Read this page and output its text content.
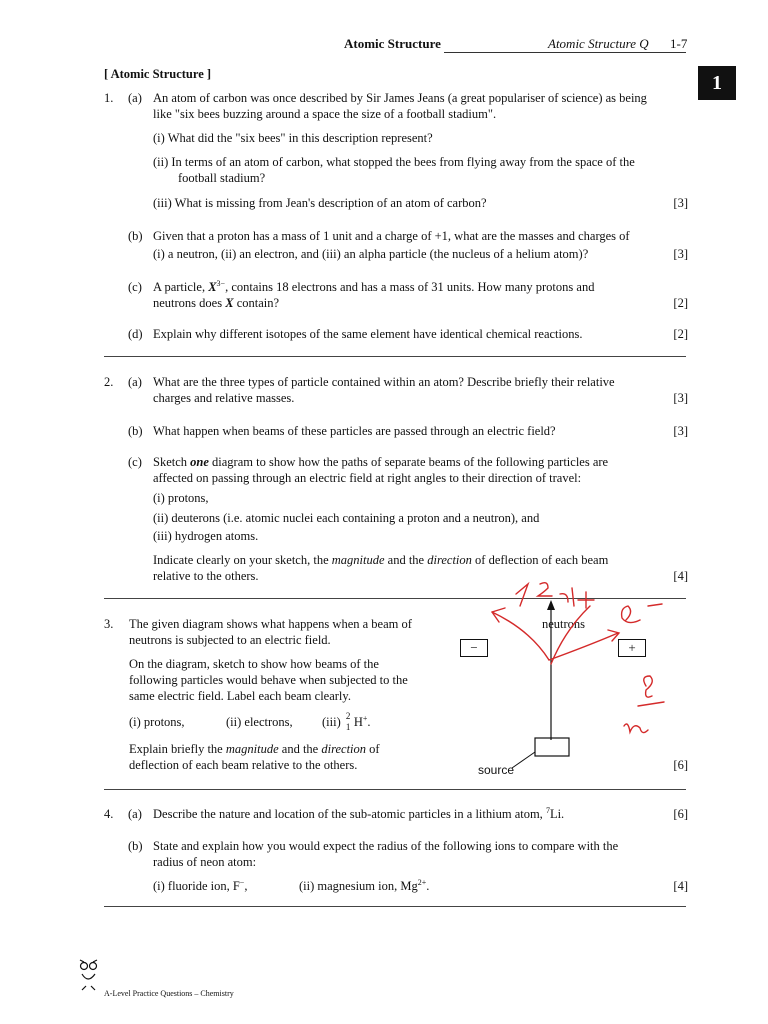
Atomic Structure	Atomic Structure Q 1-7
1
[ Atomic Structure ]
1. (a) An atom of carbon was once described by Sir James Jeans (a great populariser of science) as being
like "six bees buzzing around a space the size of a football stadium".
(i) What did the "six bees" in this description represent?
(ii) In terms of an atom of carbon, what stopped the bees from flying away from the space of the
football stadium?
(iii) What is missing from Jean's description of an atom of carbon?	[3]
(b) Given that a proton has a mass of 1 unit and a charge of +1, what are the masses and charges of
(i) a neutron, (ii) an electron, and (iii) an alpha particle (the nucleus of a helium atom)?	[3]
(c) A particle, $X^{3-}$, contains 18 electrons and has a mass of 31 units. How many protons and
neutrons does X contain?	[2]
(d) Explain why different isotopes of the same element have identical chemical reactions.	[2]
2. (a) What are the three types of particle contained within an atom? Describe briefly their relative
charges and relative masses.	[3]
(b) What happen when beams of these particles are passed through an electric field?	[3]
(c) Sketch one diagram to show how the paths of separate beams of the following particles are
affected on passing through an electric field at right angles to their direction of travel:
(i) protons,
(ii) deuterons (i.e. atomic nuclei each containing a proton and a neutron), and
(iii) hydrogen atoms.
Indicate clearly on your sketch, the magnitude and the direction of deflection of each beam
relative to the others.	[4]
3. The given diagram shows what happens when a beam of
neutrons is subjected to an electric field.
On the diagram, sketch to show how beams of the
following particles would behave when subjected to the
same electric field. Label each beam clearly.
(i) protons,	(ii) electrons, (iii) 2
1 H+.
Explain briefly the magnitude and the direction of
deflection of each beam relative to the others.	[6]
neutrons
source
−	+
4. (a) Describe the nature and location of the sub-atomic particles in a lithium atom, $^7$Li.	[6]
(b) State and explain how you would expect the radius of the following ions to compare with the
radius of neon atom:
(i) fluoride ion, F−,	(ii) magnesium ion, $Mg^{2+}$.	[4]
A-Level Practice Questions – Chemistry
